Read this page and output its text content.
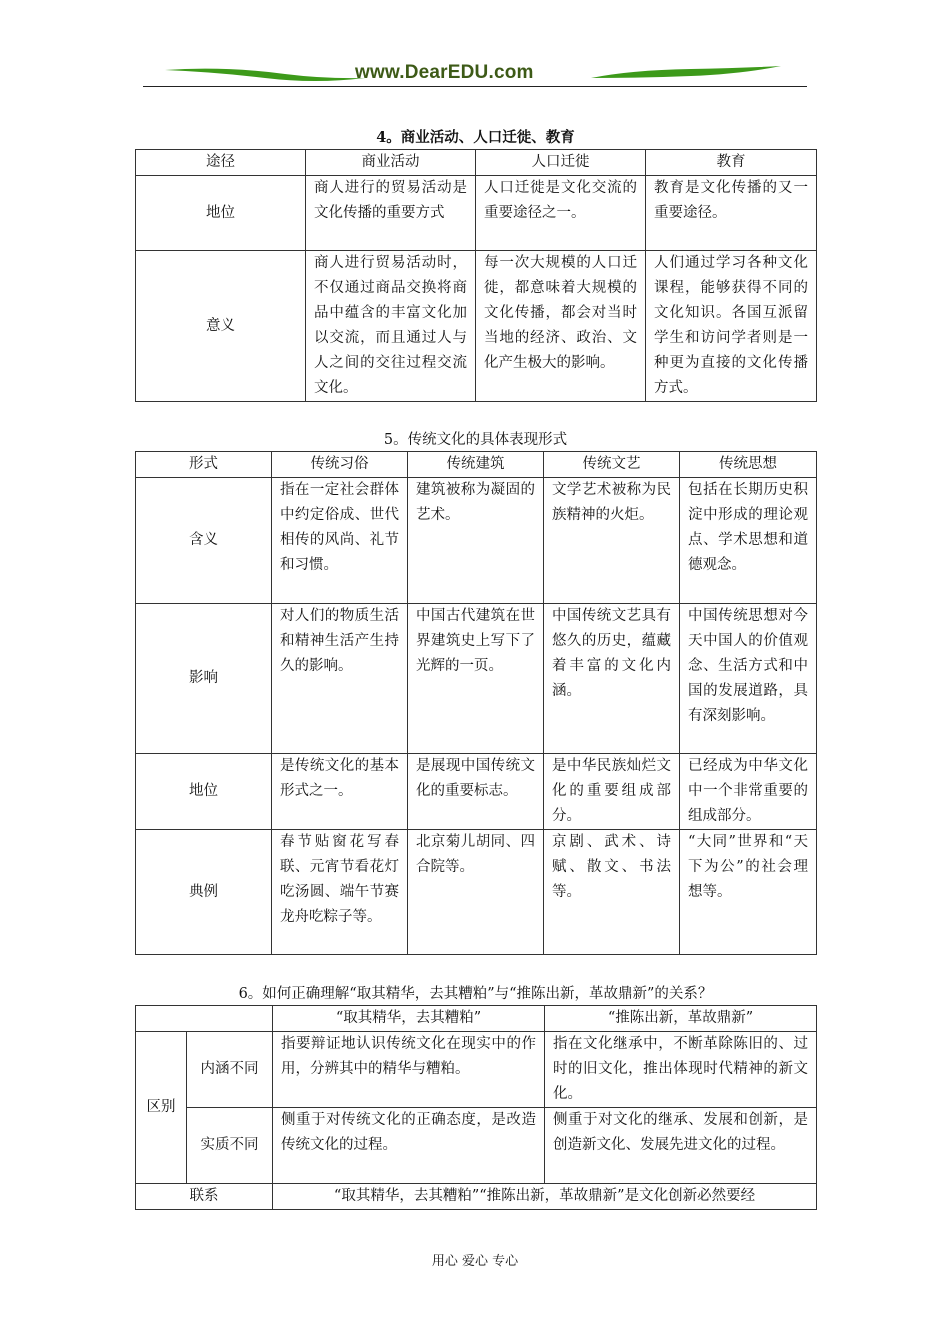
www.DearEDU.com
4。商业活动、人口迁徙、教育
途径	商业活动	人口迁徙	教育
地位	商人进行的贸易活动是文化传播的重要方式	人口迁徙是文化交流的重要途径之一。	教育是文化传播的又一重要途径。
意义	商人进行贸易活动时，不仅通过商品交换将商品中蕴含的丰富文化加以交流，而且通过人与人之间的交往过程交流文化。	每一次大规模的人口迁徙，都意味着大规模的文化传播，都会对当时当地的经济、政治、文化产生极大的影响。	人们通过学习各种文化课程，能够获得不同的文化知识。各国互派留学生和访问学者则是一种更为直接的文化传播方式。
5。传统文化的具体表现形式
形式	传统习俗	传统建筑	传统文艺	传统思想
含义	指在一定社会群体中约定俗成、世代相传的风尚、礼节和习惯。	建筑被称为凝固的艺术。	文学艺术被称为民族精神的火炬。	包括在长期历史积淀中形成的理论观点、学术思想和道德观念。
影响	对人们的物质生活和精神生活产生持久的影响。	中国古代建筑在世界建筑史上写下了光辉的一页。	中国传统文艺具有悠久的历史，蕴藏着丰富的文化内涵。	中国传统思想对今天中国人的价值观念、生活方式和中国的发展道路，具有深刻影响。
地位	是传统文化的基本形式之一。	是展现中国传统文化的重要标志。	是中华民族灿烂文化的重要组成部分。	已经成为中华文化中一个非常重要的组成部分。
典例	春节贴窗花写春联、元宵节看花灯吃汤圆、端午节赛龙舟吃粽子等。	北京菊儿胡同、四合院等。	京剧、武术、诗赋、散文、书法等。	“大同”世界和“天下为公”的社会理想等。
6。如何正确理解“取其精华，去其糟粕”与“推陈出新，革故鼎新”的关系？
		“取其精华，去其糟粕”	“推陈出新，革故鼎新”
区别	内涵不同	指要辩证地认识传统文化在现实中的作用，分辨其中的精华与糟粕。	指在文化继承中，不断革除陈旧的、过时的旧文化，推出体现时代精神的新文化。
	实质不同	侧重于对传统文化的正确态度，是改造传统文化的过程。	侧重于对文化的继承、发展和创新，是创造新文化、发展先进文化的过程。
联系		“取其精华，去其糟粕”“推陈出新，革故鼎新”是文化创新必然要经	
用心 爱心 专心
